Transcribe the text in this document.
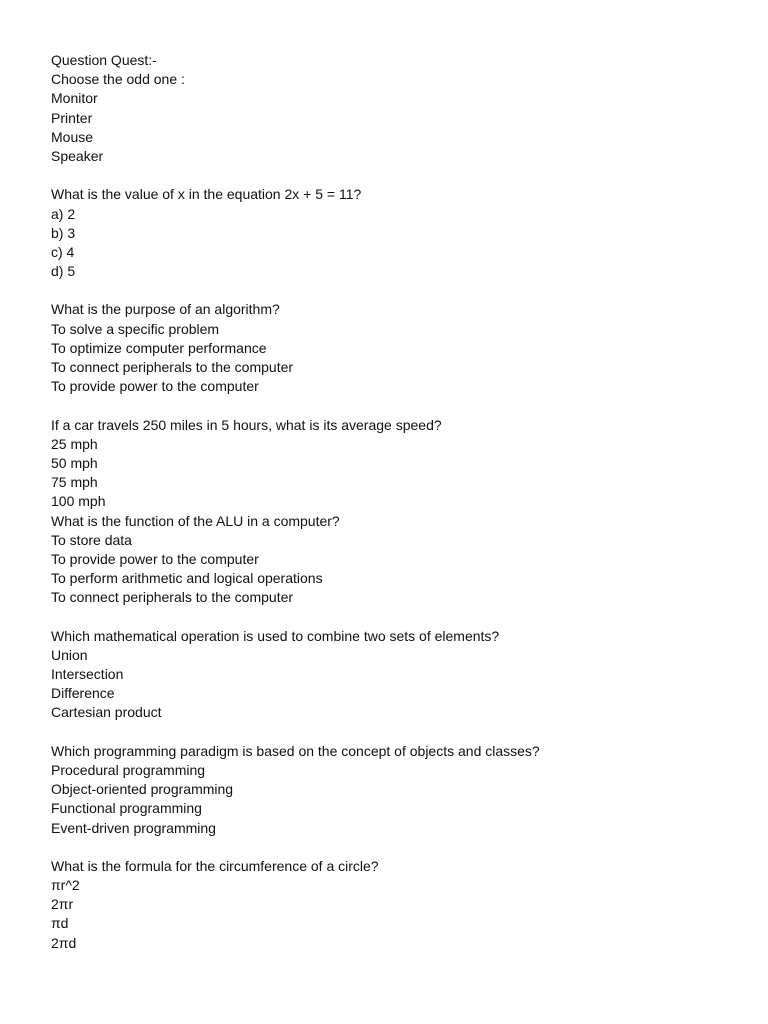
Question Quest:-
Choose the odd one :
Monitor
Printer
Mouse
Speaker
What is the value of x in the equation 2x + 5 = 11?
a) 2
b) 3
c) 4
d) 5
What is the purpose of an algorithm?
To solve a specific problem
To optimize computer performance
To connect peripherals to the computer
To provide power to the computer
If a car travels 250 miles in 5 hours, what is its average speed?
25 mph
50 mph
75 mph
100 mph
What is the function of the ALU in a computer?
To store data
To provide power to the computer
To perform arithmetic and logical operations
To connect peripherals to the computer
Which mathematical operation is used to combine two sets of elements?
Union
Intersection
Difference
Cartesian product
Which programming paradigm is based on the concept of objects and classes?
Procedural programming
Object-oriented programming
Functional programming
Event-driven programming
What is the formula for the circumference of a circle?
πr^2
2πr
πd
2πd
